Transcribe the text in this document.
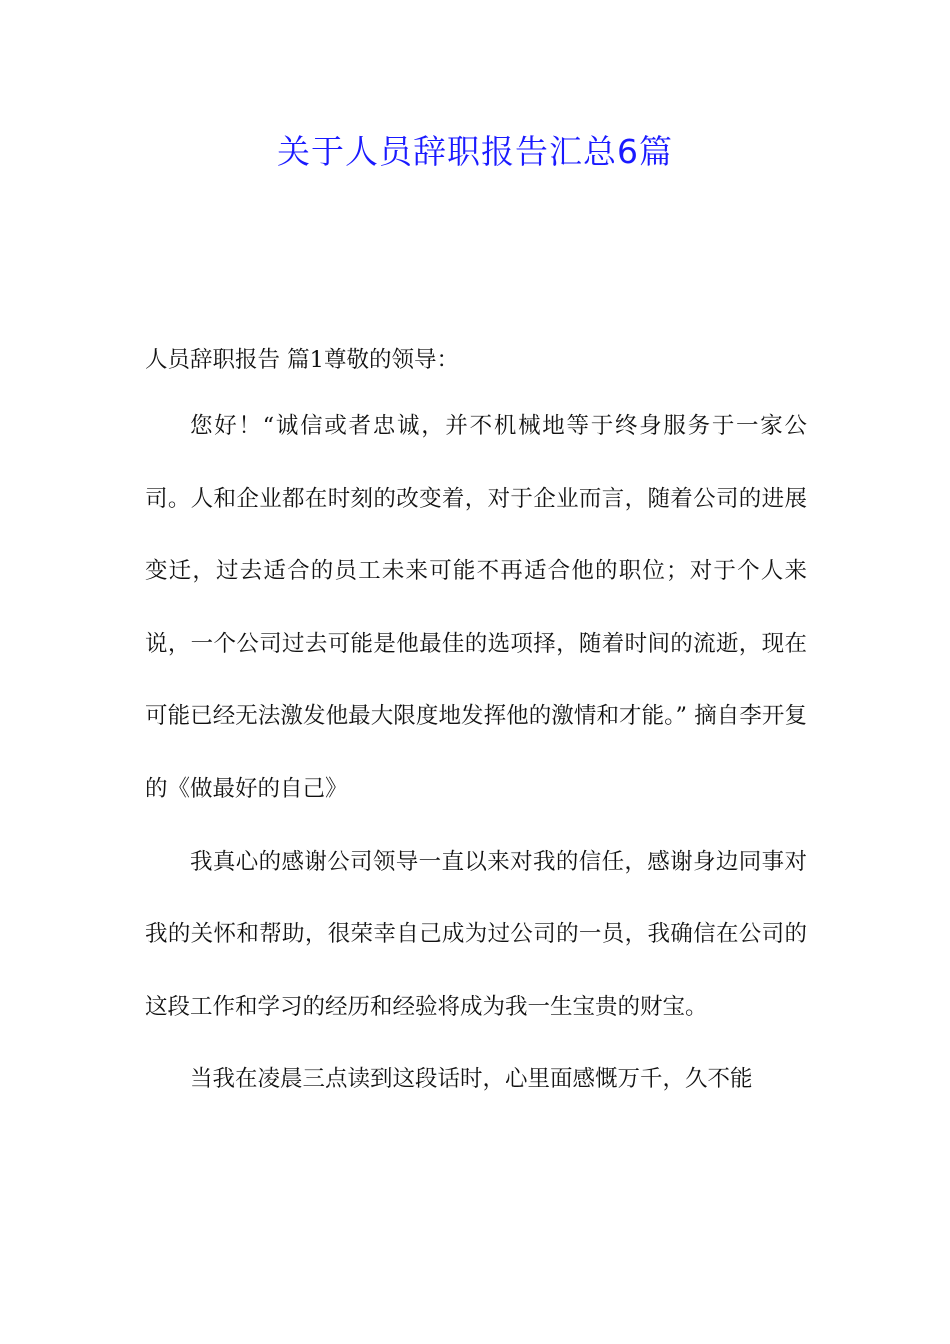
关于人员辞职报告汇总6篇

人员辞职报告 篇1尊敬的领导：

您好！“诚信或者忠诚，并不机械地等于终身服务于一家公司。人和企业都在时刻的改变着，对于企业而言，随着公司的进展变迁，过去适合的员工未来可能不再适合他的职位；对于个人来说，一个公司过去可能是他最佳的选项择，随着时间的流逝，现在可能已经无法激发他最大限度地发挥他的激情和才能。” 摘自李开复的《做最好的自己》

我真心的感谢公司领导一直以来对我的信任，感谢身边同事对我的关怀和帮助，很荣幸自己成为过公司的一员，我确信在公司的这段工作和学习的经历和经验将成为我一生宝贵的财宝。

当我在凌晨三点读到这段话时，心里面感慨万千，久不能
